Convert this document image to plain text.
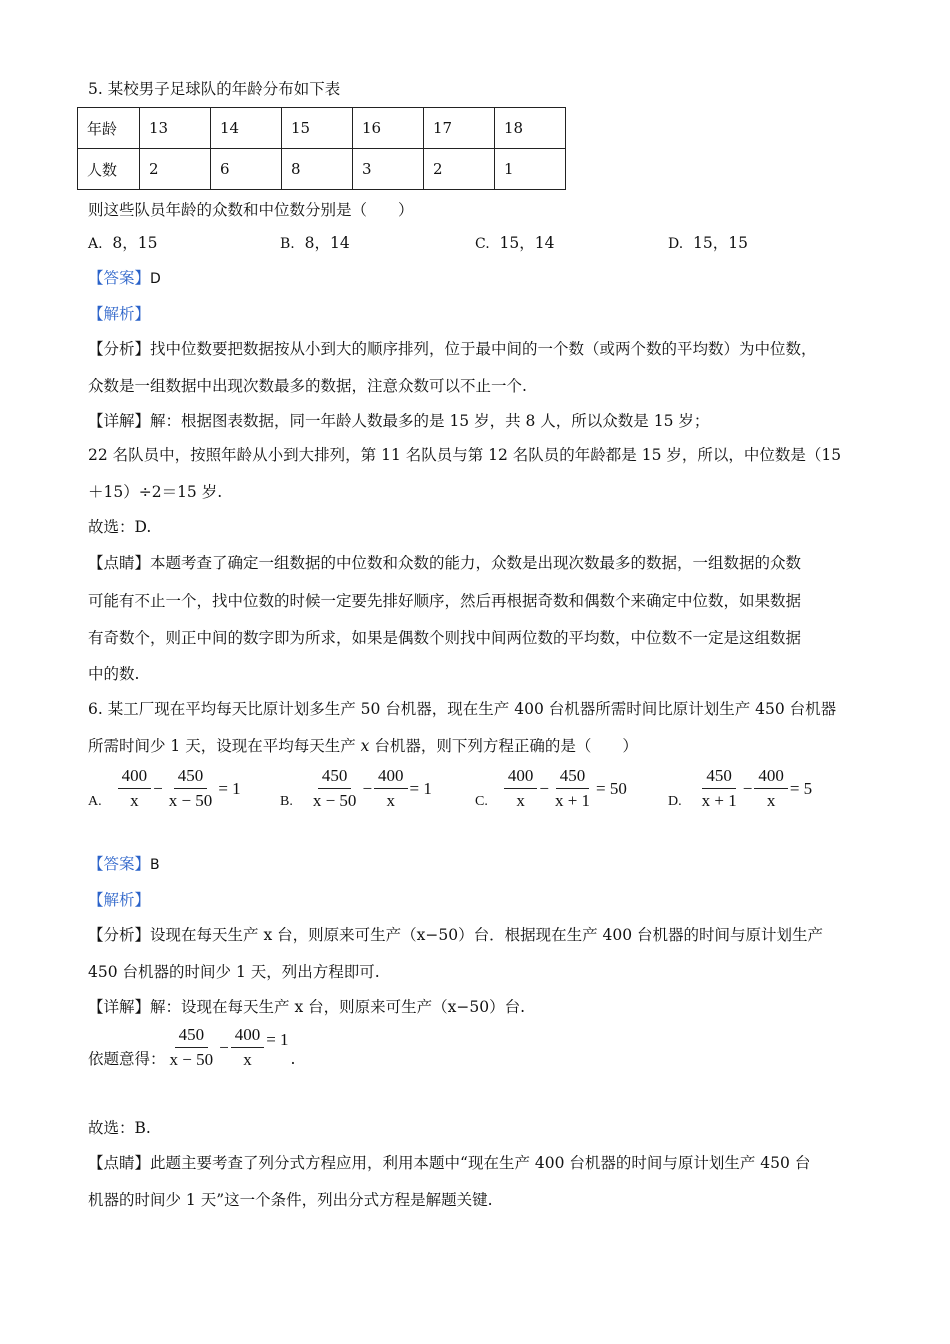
5. 某校男子足球队的年龄分布如下表
年龄	13	14	15	16	17	18
人数	2	6	8	3	2	1
则这些队员年龄的众数和中位数分别是（　　）
A. 8，15	B. 8，14	C. 15，14	D. 15，15
【答案】D
【解析】
【分析】找中位数要把数据按从小到大的顺序排列，位于最中间的一个数（或两个数的平均数）为中位数，
众数是一组数据中出现次数最多的数据，注意众数可以不止一个.
【详解】解：根据图表数据，同一年龄人数最多的是 15 岁，共 8 人，所以众数是 15 岁；
22 名队员中，按照年龄从小到大排列，第 11 名队员与第 12 名队员的年龄都是 15 岁，所以，中位数是（15
＋15）÷2＝15 岁.
故选：D.
【点睛】本题考查了确定一组数据的中位数和众数的能力，众数是出现次数最多的数据，一组数据的众数
可能有不止一个，找中位数的时候一定要先排好顺序，然后再根据奇数和偶数个来确定中位数，如果数据
有奇数个，则正中间的数字即为所求，如果是偶数个则找中间两位数的平均数，中位数不一定是这组数据
中的数.
6. 某工厂现在平均每天比原计划多生产 50 台机器，现在生产 400 台机器所需时间比原计划生产 450 台机器
所需时间少 1 天，设现在平均每天生产 x 台机器，则下列方程正确的是（　　）
A. $\frac{400}{x} - \frac{450}{x - 50} = 1$
B. $\frac{450}{x - 50} - \frac{400}{x} = 1$
C. $\frac{400}{x} - \frac{450}{x + 1} = 50$
D. $\frac{450}{x + 1} - \frac{400}{x} = 5$
【答案】B
【解析】
【分析】设现在每天生产 x 台，则原来可生产（x−50）台．根据现在生产 400 台机器的时间与原计划生产
450 台机器的时间少 1 天，列出方程即可.
【详解】解：设现在每天生产 x 台，则原来可生产（x−50）台.
依题意得： $\frac{450}{x - 50} - \frac{400}{x} = 1$.
故选：B.
【点睛】此题主要考查了列分式方程应用，利用本题中“现在生产 400 台机器的时间与原计划生产 450 台
机器的时间少 1 天”这一个条件，列出分式方程是解题关键.
